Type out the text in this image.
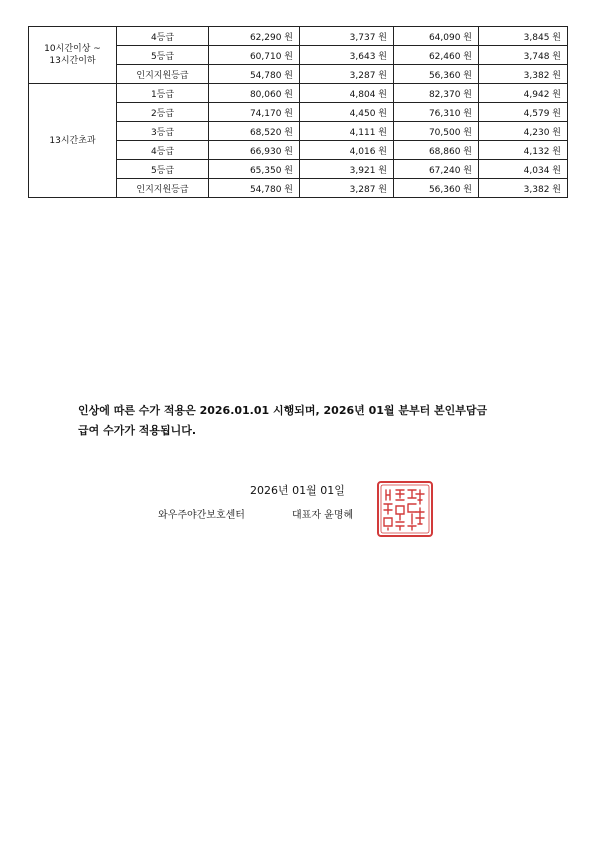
10시간이상 ~
13시간이하	4등급	62,290 원	3,737 원	64,090 원	3,845 원
	5등급	60,710 원	3,643 원	62,460 원	3,748 원
	인지지원등급	54,780 원	3,287 원	56,360 원	3,382 원
13시간초과	1등급	80,060 원	4,804 원	82,370 원	4,942 원
	2등급	74,170 원	4,450 원	76,310 원	4,579 원
	3등급	68,520 원	4,111 원	70,500 원	4,230 원
	4등급	66,930 원	4,016 원	68,860 원	4,132 원
	5등급	65,350 원	3,921 원	67,240 원	4,034 원
	인지지원등급	54,780 원	3,287 원	56,360 원	3,382 원
인상에 따른 수가 적용은 2026.01.01 시행되며, 2026년 01월 분부터 본인부담금
급여 수가가 적용됩니다.
2026년 01월 01일
와우주야간보호센터	대표자 윤명혜
